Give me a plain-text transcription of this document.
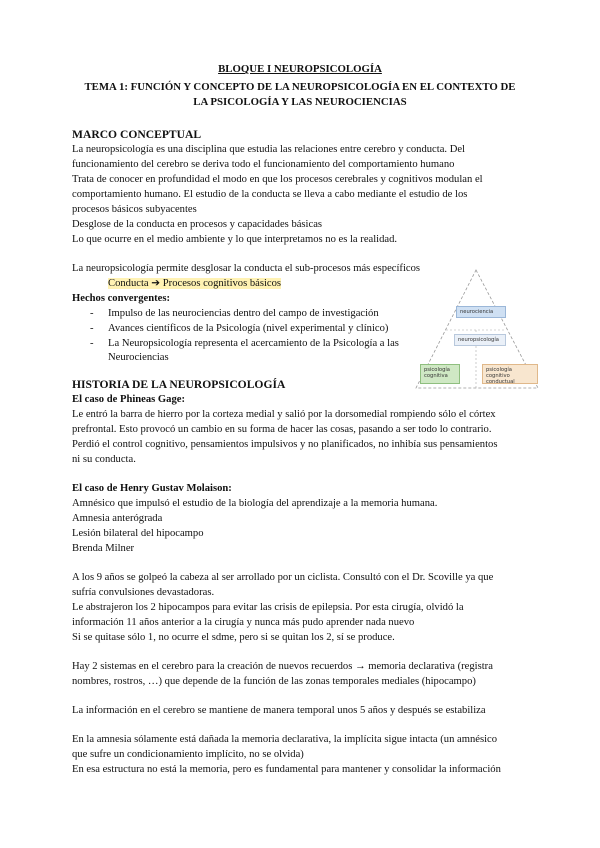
BLOQUE I NEUROPSICOLOGÍA
TEMA 1: FUNCIÓN Y CONCEPTO DE LA NEUROPSICOLOGÍA EN EL CONTEXTO DE
LA PSICOLOGÍA Y LAS NEUROCIENCIAS
MARCO CONCEPTUAL
La neuropsicología es una disciplina que estudia las relaciones entre cerebro y conducta. Del
funcionamiento del cerebro se deriva todo el funcionamiento del comportamiento humano
Trata de conocer en profundidad el modo en que los procesos cerebrales y cognitivos modulan el
comportamiento humano. El estudio de la conducta se lleva a cabo mediante el estudio de los
procesos básicos subyacentes
Desglose de la conducta en procesos y capacidades básicas
Lo que ocurre en el medio ambiente y lo que interpretamos no es la realidad.
La neuropsicología permite desglosar la conducta el sub-procesos más específicos
Conducta ➔ Procesos cognitivos básicos
Hechos convergentes:
- Impulso de las neurociencias dentro del campo de investigación
- Avances científicos de la Psicología (nivel experimental y clínico)
- La Neuropsicología representa el acercamiento de la Psicología a las
Neurociencias
neurociencia
neuropsicología
psicología cognitiva
psicología cognitivo conductual
HISTORIA DE LA NEUROPSICOLOGÍA
El caso de Phineas Gage:
Le entró la barra de hierro por la corteza medial y salió por la dorsomedial rompiendo sólo el córtex
prefrontal. Esto provocó un cambio en su forma de hacer las cosas, pasando a ser todo lo contrario.
Perdió el control cognitivo, pensamientos impulsivos y no planificados, no inhibía sus pensamientos
ni su conducta.
El caso de Henry Gustav Molaison:
Amnésico que impulsó el estudio de la biología del aprendizaje a la memoria humana.
Amnesia anterógrada
Lesión bilateral del hipocampo
Brenda Milner
A los 9 años se golpeó la cabeza al ser arrollado por un ciclista. Consultó con el Dr. Scoville ya que
sufría convulsiones devastadoras.
Le abstrajeron los 2 hipocampos para evitar las crisis de epilepsia. Por esta cirugía, olvidó la
información 11 años anterior a la cirugía y nunca más pudo aprender nada nuevo
Si se quitase sólo 1, no ocurre el sdme, pero si se quitan los 2, sí se produce.
Hay 2 sistemas en el cerebro para la creación de nuevos recuerdos → memoria declarativa (registra
nombres, rostros, …) que depende de la función de las zonas temporales mediales (hipocampo)
La información en el cerebro se mantiene de manera temporal unos 5 años y después se estabiliza
En la amnesia sólamente está dañada la memoria declarativa, la implícita sigue intacta (un amnésico
que sufre un condicionamiento implícito, no se olvida)
En esa estructura no está la memoria, pero es fundamental para mantener y consolidar la información
